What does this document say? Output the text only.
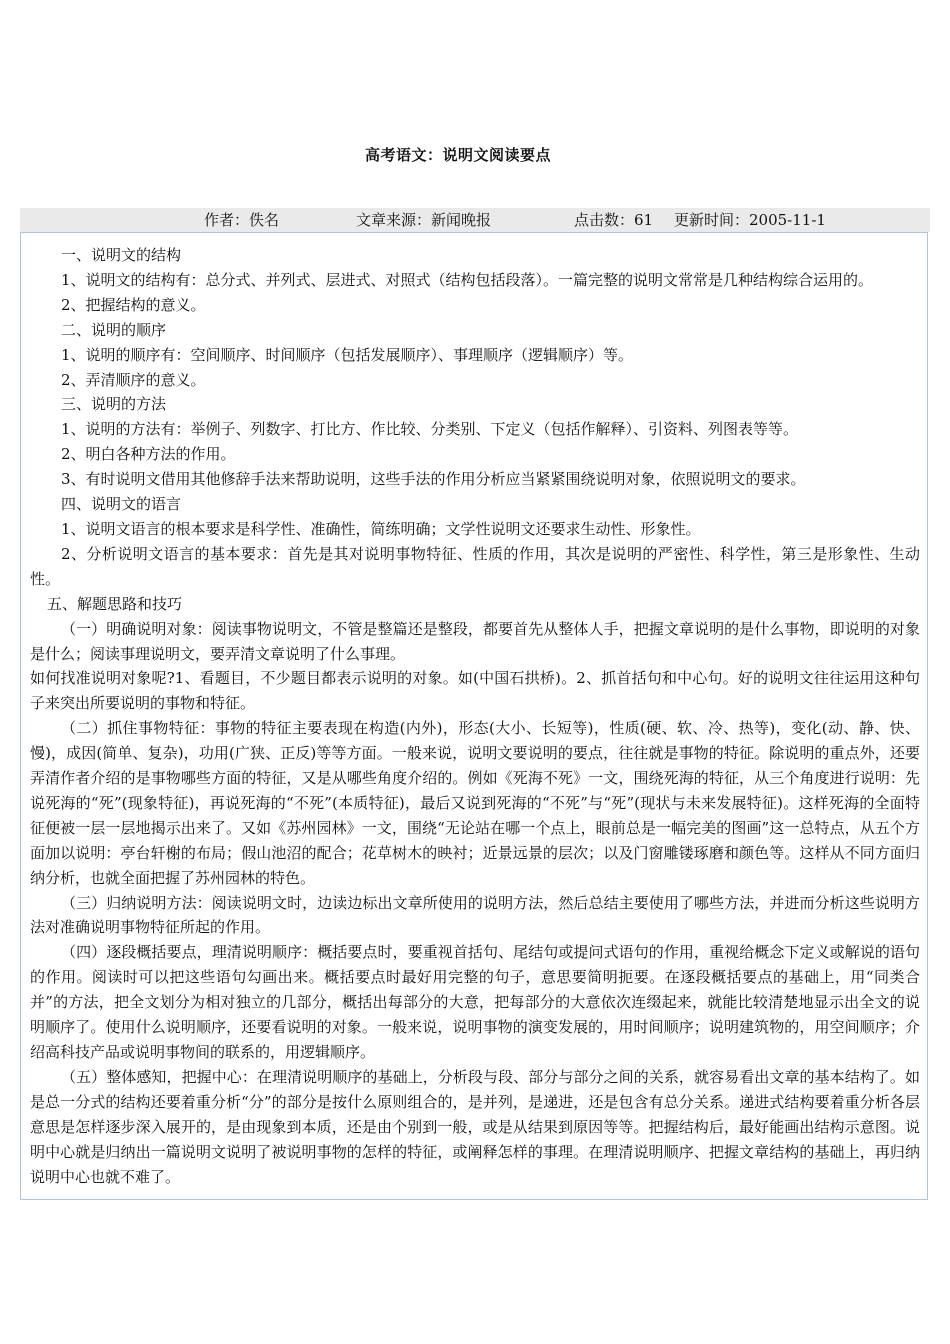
高考语文：说明文阅读要点
作者：佚名	文章来源：新闻晚报	点击数：61 更新时间：2005-11-1

一、说明文的结构

1、说明文的结构有：总分式、并列式、层进式、对照式（结构包括段落）。一篇完整的说明文常常是几种结构综合运用的。

2、把握结构的意义。

二、说明的顺序

1、说明的顺序有：空间顺序、时间顺序（包括发展顺序）、事理顺序（逻辑顺序）等。

2、弄清顺序的意义。

三、说明的方法

1、说明的方法有：举例子、列数字、打比方、作比较、分类别、下定义（包括作解释）、引资料、列图表等等。

2、明白各种方法的作用。

3、有时说明文借用其他修辞手法来帮助说明，这些手法的作用分析应当紧紧围绕说明对象，依照说明文的要求。

四、说明文的语言

1、说明文语言的根本要求是科学性、准确性，简练明确；文学性说明文还要求生动性、形象性。

2、分析说明文语言的基本要求：首先是其对说明事物特征、性质的作用，其次是说明的严密性、科学性，第三是形象性、生动性。

五、解题思路和技巧

（一）明确说明对象：阅读事物说明文，不管是整篇还是整段，都要首先从整体人手，把握文章说明的是什么事物，即说明的对象是什么；阅读事理说明文，要弄清文章说明了什么事理。

如何找准说明对象呢?1、看题目，不少题目都表示说明的对象。如(中国石拱桥)。2、抓首括句和中心句。好的说明文往往运用这种句子来突出所要说明的事物和特征。

（二）抓住事物特征：事物的特征主要表现在构造(内外)，形态(大小、长短等)，性质(硬、软、冷、热等)，变化(动、静、快、慢)，成因(简单、复杂)，功用(广狭、正反)等等方面。一般来说，说明文要说明的要点，往往就是事物的特征。除说明的重点外，还要弄清作者介绍的是事物哪些方面的特征，又是从哪些角度介绍的。例如《死海不死》一文，围绕死海的特征，从三个角度进行说明：先说死海的“死”(现象特征)，再说死海的“不死”(本质特征)，最后又说到死海的“不死”与“死”(现状与未来发展特征)。这样死海的全面特征便被一层一层地揭示出来了。又如《苏州园林》一文，围绕“无论站在哪一个点上，眼前总是一幅完美的图画”这一总特点，从五个方面加以说明：亭台轩榭的布局；假山池沼的配合；花草树木的映衬；近景远景的层次；以及门窗雕镂琢磨和颜色等。这样从不同方面归纳分析，也就全面把握了苏州园林的特色。

（三）归纳说明方法：阅读说明文时，边读边标出文章所使用的说明方法，然后总结主要使用了哪些方法，并进而分析这些说明方法对准确说明事物特征所起的作用。

（四）逐段概括要点，理清说明顺序：概括要点时，要重视首括句、尾结句或提问式语句的作用，重视给概念下定义或解说的语句的作用。阅读时可以把这些语句勾画出来。概括要点时最好用完整的句子，意思要简明扼要。在逐段概括要点的基础上，用“同类合并”的方法，把全文划分为相对独立的几部分，概括出每部分的大意，把每部分的大意依次连缀起来，就能比较清楚地显示出全文的说明顺序了。使用什么说明顺序，还要看说明的对象。一般来说，说明事物的演变发展的，用时间顺序；说明建筑物的，用空间顺序；介绍高科技产品或说明事物间的联系的，用逻辑顺序。

（五）整体感知，把握中心：在理清说明顺序的基础上，分析段与段、部分与部分之间的关系，就容易看出文章的基本结构了。如是总一分式的结构还要着重分析“分”的部分是按什么原则组合的，是并列，是递进，还是包含有总分关系。递进式结构要着重分析各层意思是怎样逐步深入展开的，是由现象到本质，还是由个别到一般，或是从结果到原因等等。把握结构后，最好能画出结构示意图。说明中心就是归纳出一篇说明文说明了被说明事物的怎样的特征，或阐释怎样的事理。在理清说明顺序、把握文章结构的基础上，再归纳说明中心也就不难了。
